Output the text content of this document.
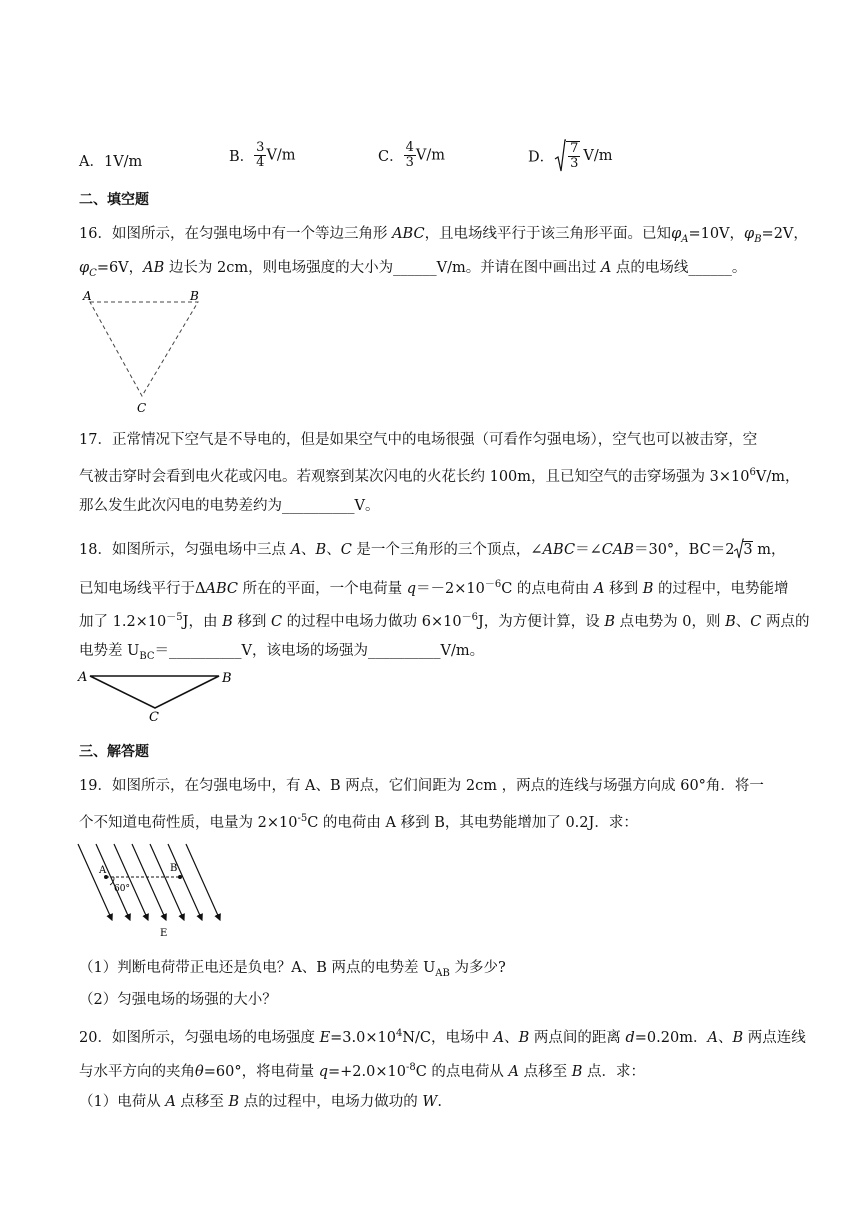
A．1V/m	B． $\frac{3}{4} V/m$	C． $\frac{4}{3} V/m$	D． $\frac{7}{3} V/m$
二、填空题
16．如图所示，在匀强电场中有一个等边三角形 ABC，且电场线平行于该三角形平面。已知$\varphi_A=10V$，$\varphi_B=2V$，
$\varphi_C=6V$，AB 边长为 2cm，则电场强度的大小为______V/m。并请在图中画出过 A 点的电场线______。
A	B
C
17．正常情况下空气是不导电的，但是如果空气中的电场很强（可看作匀强电场），空气也可以被击穿，空
气被击穿时会看到电火花或闪电。若观察到某次闪电的火花长约 100m，且已知空气的击穿场强为 $3\times 10^6V/m$，
那么发生此次闪电的电势差约为__________V。
18．如图所示，匀强电场中三点 A、B、C 是一个三角形的三个顶点，∠ABC＝∠CAB＝30°，BC＝2 3 m，
已知电场线平行于ΔABC 所在的平面，一个电荷量 $q=-2\times 10^{-6}C$ 的点电荷由 A 移到 B 的过程中，电势能增
加了 $1.2\times 10^{-5}J$，由 B 移到 C 的过程中电场力做功 $6\times 10^{-6}J$，为方便计算，设 B 点电势为 0，则 B、C 两点的
电势差 $U_{BC}=\_\_\_\_\_\_\_\_\_\_V$，该电场的场强为__________V/m。
A	B
C
三、解答题
19．如图所示，在匀强电场中，有 A、B 两点，它们间距为 2cm ，两点的连线与场强方向成 60°角．将一
个不知道电荷性质，电量为 $2\times 10^{-5}C$ 的电荷由 A 移到 B，其电势能增加了 0.2J．求：
A	B
60°
E
（1）判断电荷带正电还是负电？A、B 两点的电势差 $U_{AB}$ 为多少?
（2）匀强电场的场强的大小？
20．如图所示，匀强电场的电场强度 $E=3.0\times 10^4N/C$，电场中 A、B 两点间的距离 d=0.20m．A、B 两点连线
与水平方向的夹角θ=60°，将电荷量 $q=+2.0\times 10^{-8}C$ 的点电荷从 A 点移至 B 点．求：
（1）电荷从 A 点移至 B 点的过程中，电场力做功的 W.
